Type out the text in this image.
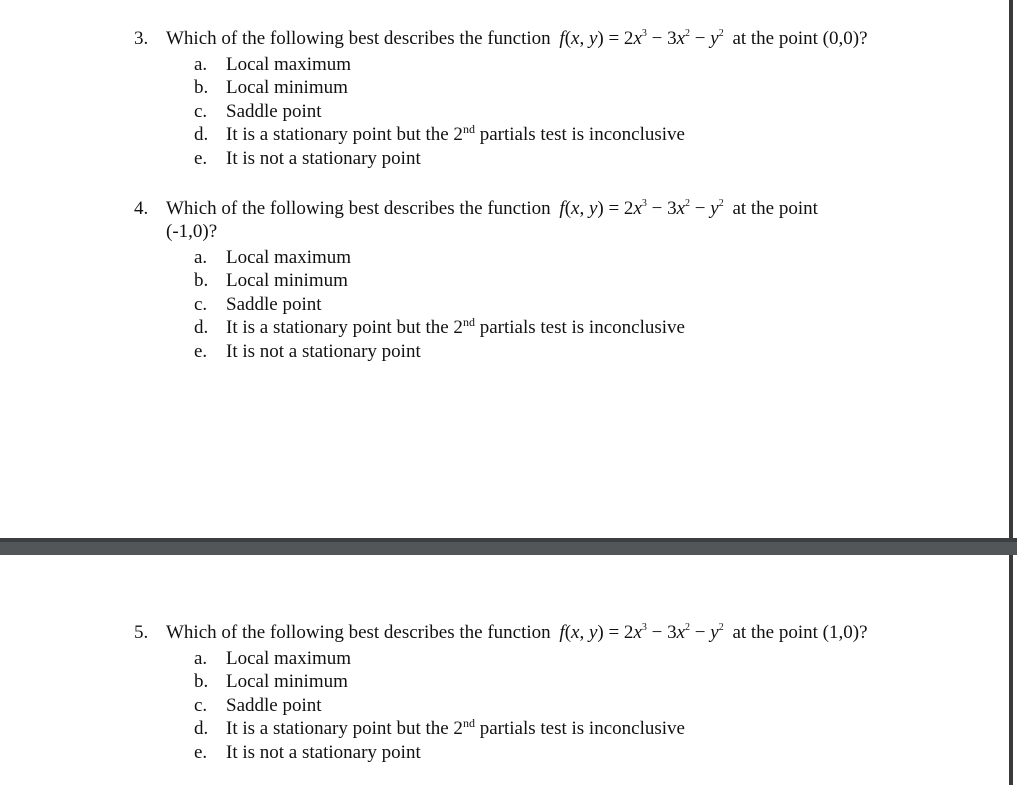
3. Which of the following best describes the function f(x, $y) = 2x^3 - 3x^2 - y^2$ at the point (0,0)?
a. Local maximum
b. Local minimum
c. Saddle point
d. It is a stationary point but the 2nd partials test is inconclusive
e. It is not a stationary point
4. Which of the following best describes the function f(x, $y) = 2x^3 - 3x^2 - y^2$ at the point
(-1,0)?
a. Local maximum
b. Local minimum
c. Saddle point
d. It is a stationary point but the 2nd partials test is inconclusive
e. It is not a stationary point
5. Which of the following best describes the function f(x, $y) = 2x^3 - 3x^2 - y^2$ at the point (1,0)?
a. Local maximum
b. Local minimum
c. Saddle point
d. It is a stationary point but the 2nd partials test is inconclusive
e. It is not a stationary point
